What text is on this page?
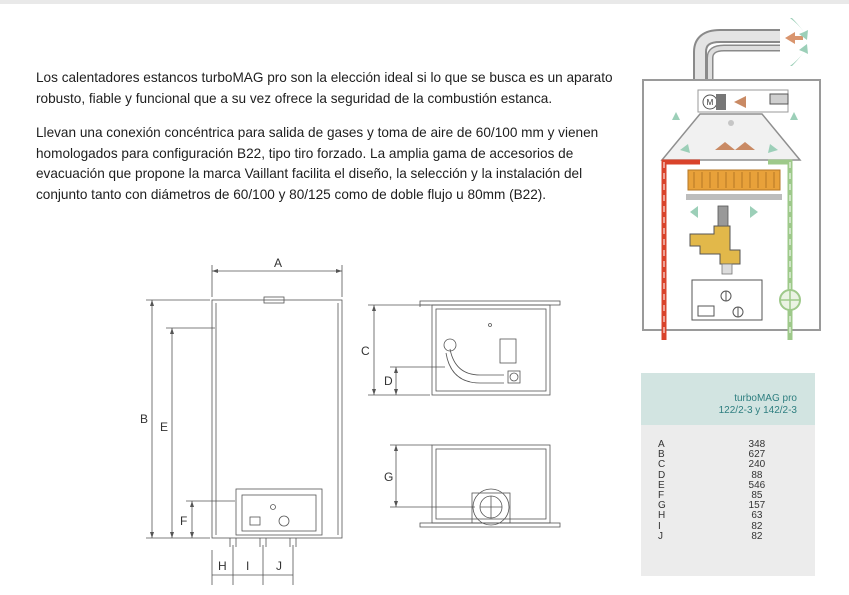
Los calentadores estancos turboMAG pro son la elección ideal si lo que se busca es un aparato robusto, fiable y funcional que a su vez ofrece la seguridad de la combustión estanca.

Llevan una conexión concéntrica para salida de gases y toma de aire de 60/100 mm y vienen homologados para configuración B22, tipo tiro forzado. La amplia gama de accesorios de evacuación que propone la marca Vaillant facilita el diseño, la selección y la instalación del conjunto tanto con diámetros de 60/100 y 80/125 como de doble flujo u 80mm (B22).

M
A
B
E
F
H I J
C
D
G
turboMAG pro
122/2-3 y 142/2-3
A	348
B	627
C	240
D	88
E	546
F	85
G	157
H	63
I	82
J	82
